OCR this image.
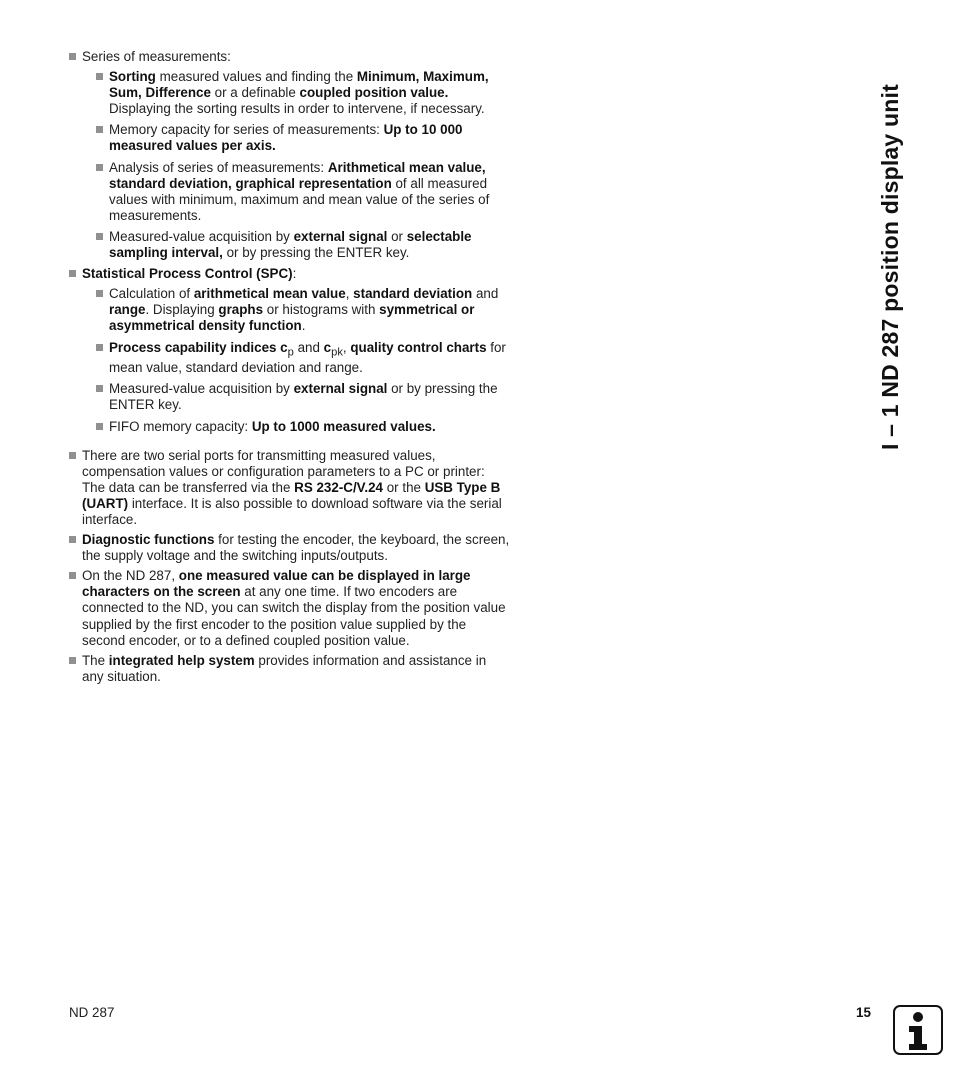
Series of measurements:
Sorting measured values and finding the Minimum, Maximum, Sum, Difference or a definable coupled position value. Displaying the sorting results in order to intervene, if necessary.
Memory capacity for series of measurements: Up to 10 000 measured values per axis.
Analysis of series of measurements: Arithmetical mean value, standard deviation, graphical representation of all measured values with minimum, maximum and mean value of the series of measurements.
Measured-value acquisition by external signal or selectable sampling interval, or by pressing the ENTER key.
Statistical Process Control (SPC):
Calculation of arithmetical mean value, standard deviation and range. Displaying graphs or histograms with symmetrical or asymmetrical density function.
Process capability indices $c_p$ and $c_{pk}$, quality control charts for mean value, standard deviation and range.
Measured-value acquisition by external signal or by pressing the ENTER key.
FIFO memory capacity: Up to 1000 measured values.
There are two serial ports for transmitting measured values, compensation values or configuration parameters to a PC or printer: The data can be transferred via the RS 232-C/V.24 or the USB Type B (UART) interface. It is also possible to download software via the serial interface.
Diagnostic functions for testing the encoder, the keyboard, the screen, the supply voltage and the switching inputs/outputs.
On the ND 287, one measured value can be displayed in large characters on the screen at any one time. If two encoders are connected to the ND, you can switch the display from the position value supplied by the first encoder to the position value supplied by the second encoder, or to a defined coupled position value.
The integrated help system provides information and assistance in any situation.
I – 1 ND 287 position display unit
ND 287	15
